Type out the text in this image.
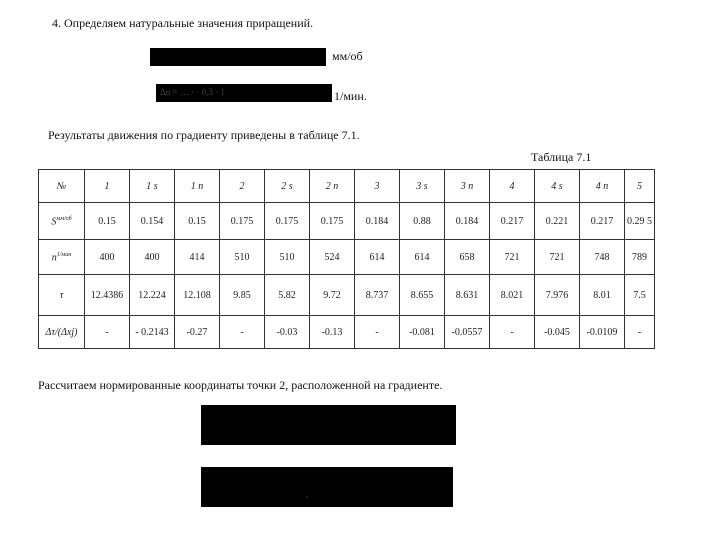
4. Определяем натуральные значения приращений.
мм/об
Δn = … · · 0,3 · 1	1/мин.
Результаты движения по градиенту приведены в таблице 7.1.
Таблица 7.1
№	1	1 s	1 n	2	2 s	2 n	3	3 s	3 n	4	4 s	4 n	5
$S^{мм/об}$	0.15	0.154	0.15	0.175	0.175	0.175	0.184	0.88	0.184	0.217	0.221	0.217	0.29 5
$n^{1/мин}$	400	400	414	510	510	524	614	614	658	721	721	748	789
τ	12.4386	12.224	12.108	9.85	5.82	9.72	8.737	8.655	8.631	8.021	7.976	8.01	7.5
Δτ/(Δxj)	-	- 0.2143	-0.27	-	-0.03	-0.13	-	-0.081	-0.0557	-	-0.045	-0.0109	-
Рассчитаем нормированные координаты точки 2, расположенной на градиенте.
,
